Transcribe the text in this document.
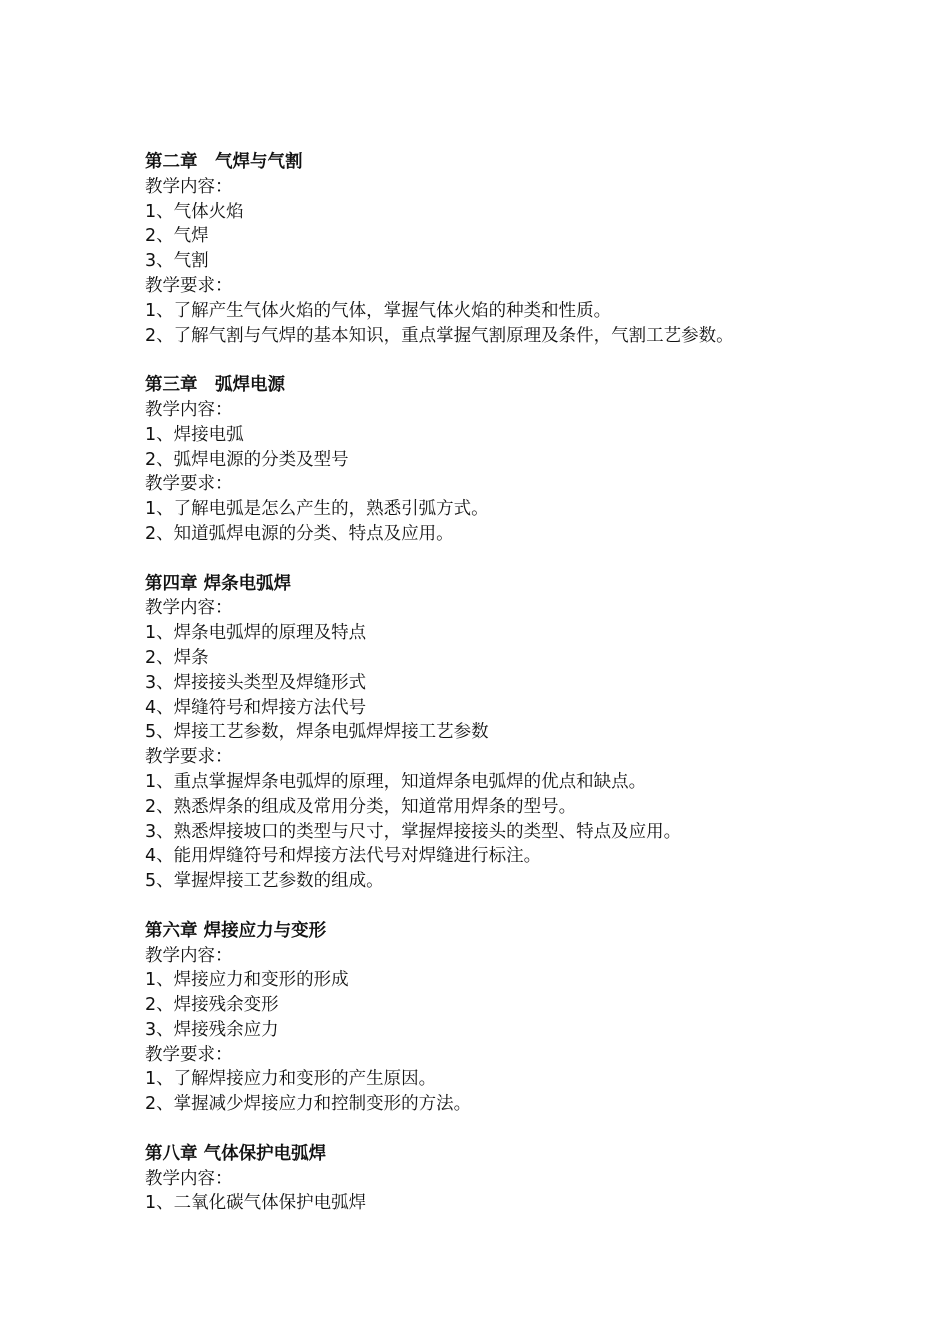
第二章　气焊与气割

教学内容：

1、气体火焰

2、气焊

3、气割

教学要求：

1、了解产生气体火焰的气体，掌握气体火焰的种类和性质。

2、了解气割与气焊的基本知识，重点掌握气割原理及条件，气割工艺参数。

第三章　弧焊电源

教学内容：

1、焊接电弧

2、弧焊电源的分类及型号

教学要求：

1、了解电弧是怎么产生的，熟悉引弧方式。

2、知道弧焊电源的分类、特点及应用。

第四章 焊条电弧焊

教学内容：

1、焊条电弧焊的原理及特点

2、焊条

3、焊接接头类型及焊缝形式

4、焊缝符号和焊接方法代号

5、焊接工艺参数，焊条电弧焊焊接工艺参数

教学要求：

1、重点掌握焊条电弧焊的原理，知道焊条电弧焊的优点和缺点。

2、熟悉焊条的组成及常用分类，知道常用焊条的型号。

3、熟悉焊接坡口的类型与尺寸，掌握焊接接头的类型、特点及应用。

4、能用焊缝符号和焊接方法代号对焊缝进行标注。

5、掌握焊接工艺参数的组成。

第六章 焊接应力与变形

教学内容：

1、焊接应力和变形的形成

2、焊接残余变形

3、焊接残余应力

教学要求：

1、了解焊接应力和变形的产生原因。

2、掌握减少焊接应力和控制变形的方法。

第八章 气体保护电弧焊

教学内容：

1、二氧化碳气体保护电弧焊
